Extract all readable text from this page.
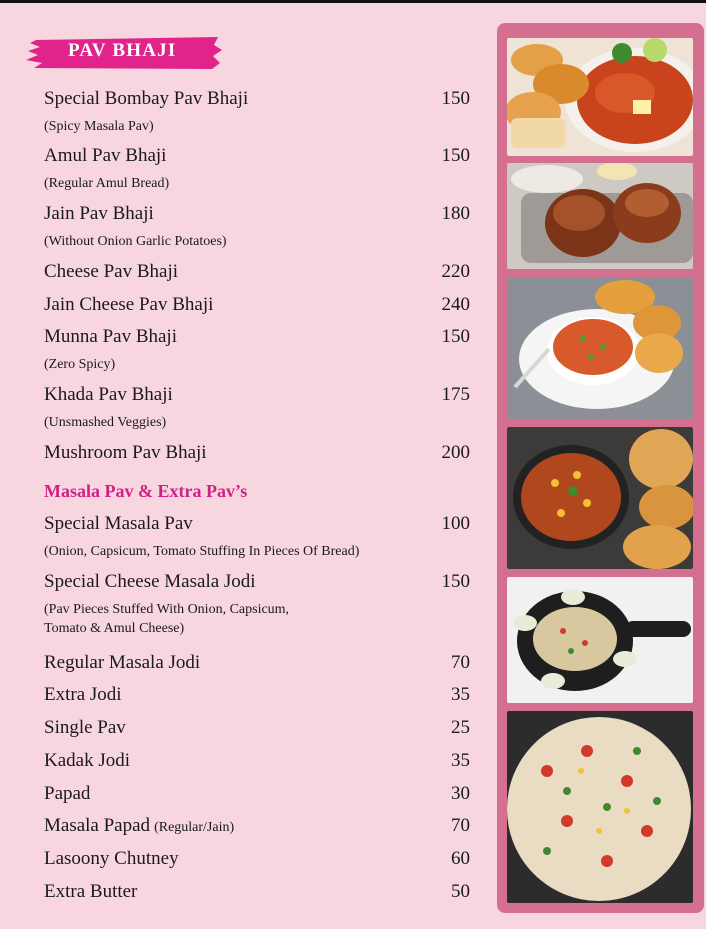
PAV BHAJI
Special Bombay Pav Bhaji	150
(Spicy Masala Pav)
Amul Pav Bhaji	150
(Regular Amul Bread)
Jain Pav Bhaji	180
(Without Onion Garlic Potatoes)
Cheese Pav Bhaji	220
Jain Cheese Pav Bhaji	240
Munna Pav Bhaji	150
(Zero Spicy)
Khada Pav Bhaji	175
(Unsmashed Veggies)
Mushroom Pav Bhaji	200
Masala Pav & Extra Pav’s
Special Masala Pav	100
(Onion, Capsicum, Tomato Stuffing In Pieces Of Bread)
Special Cheese Masala Jodi	150
(Pav Pieces Stuffed With Onion, Capsicum,
Tomato & Amul Cheese)
Regular Masala Jodi	70
Extra Jodi	35
Single Pav	25
Kadak Jodi	35
Papad	30
Masala Papad (Regular/Jain)	70
Lasoony Chutney	60
Extra Butter	50
